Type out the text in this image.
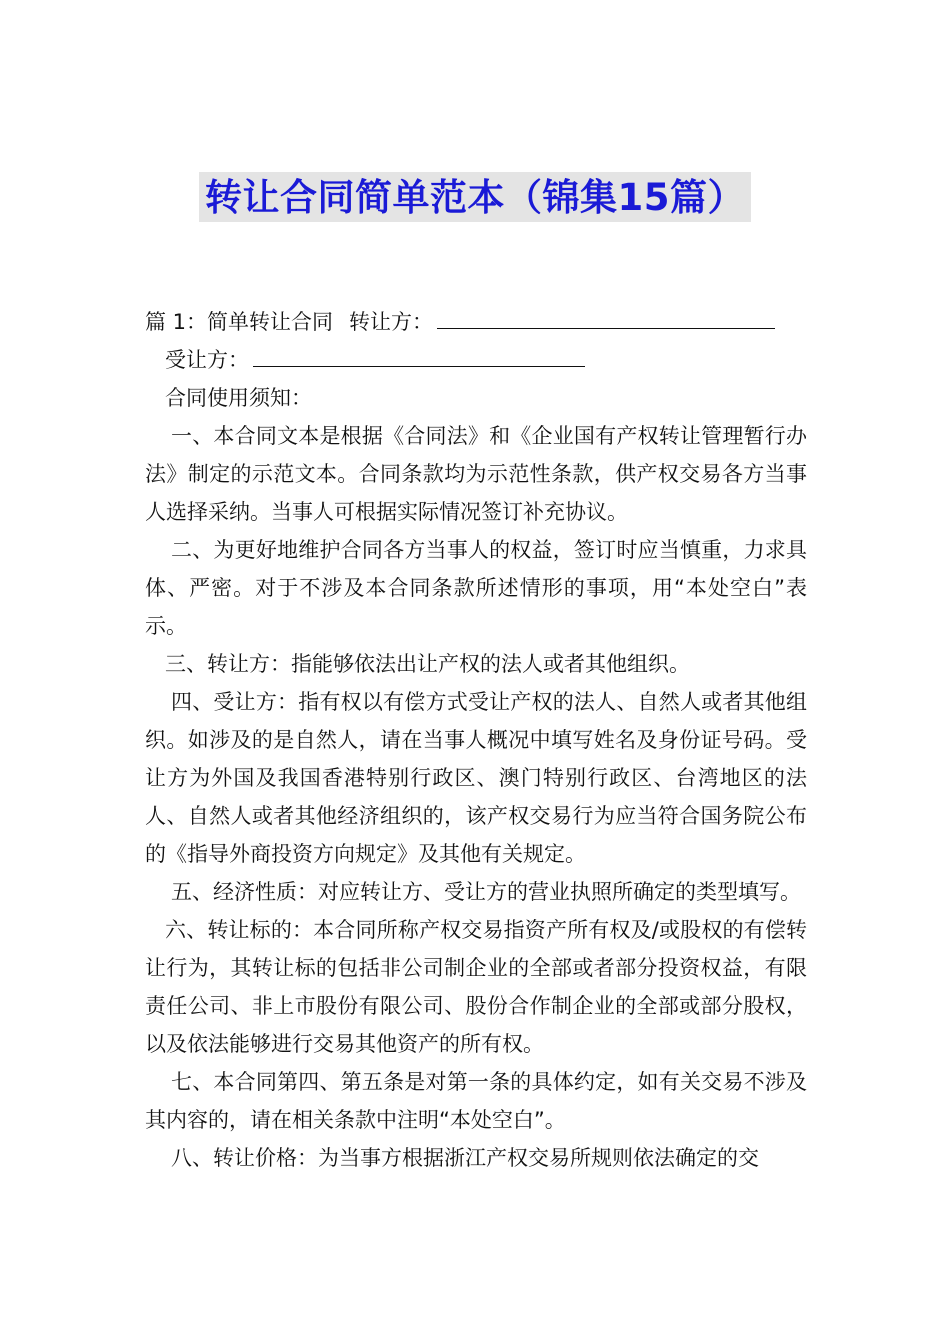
转让合同简单范本（锦集15篇）

篇 1：简单转让合同 转让方：

受让方：

合同使用须知：

一、本合同文本是根据《合同法》和《企业国有产权转让管理暂行办法》制定的示范文本。合同条款均为示范性条款，供产权交易各方当事人选择采纳。当事人可根据实际情况签订补充协议。

二、为更好地维护合同各方当事人的权益，签订时应当慎重，力求具体、严密。对于不涉及本合同条款所述情形的事项，用“本处空白”表示。

三、转让方：指能够依法出让产权的法人或者其他组织。

四、受让方：指有权以有偿方式受让产权的法人、自然人或者其他组织。如涉及的是自然人，请在当事人概况中填写姓名及身份证号码。受让方为外国及我国香港特别行政区、澳门特别行政区、台湾地区的法人、自然人或者其他经济组织的，该产权交易行为应当符合国务院公布的《指导外商投资方向规定》及其他有关规定。

五、经济性质：对应转让方、受让方的营业执照所确定的类型填写。

六、转让标的：本合同所称产权交易指资产所有权及/或股权的有偿转让行为，其转让标的包括非公司制企业的全部或者部分投资权益，有限责任公司、非上市股份有限公司、股份合作制企业的全部或部分股权，以及依法能够进行交易其他资产的所有权。

七、本合同第四、第五条是对第一条的具体约定，如有关交易不涉及其内容的，请在相关条款中注明“本处空白”。

八、转让价格：为当事方根据浙江产权交易所规则依法确定的交
